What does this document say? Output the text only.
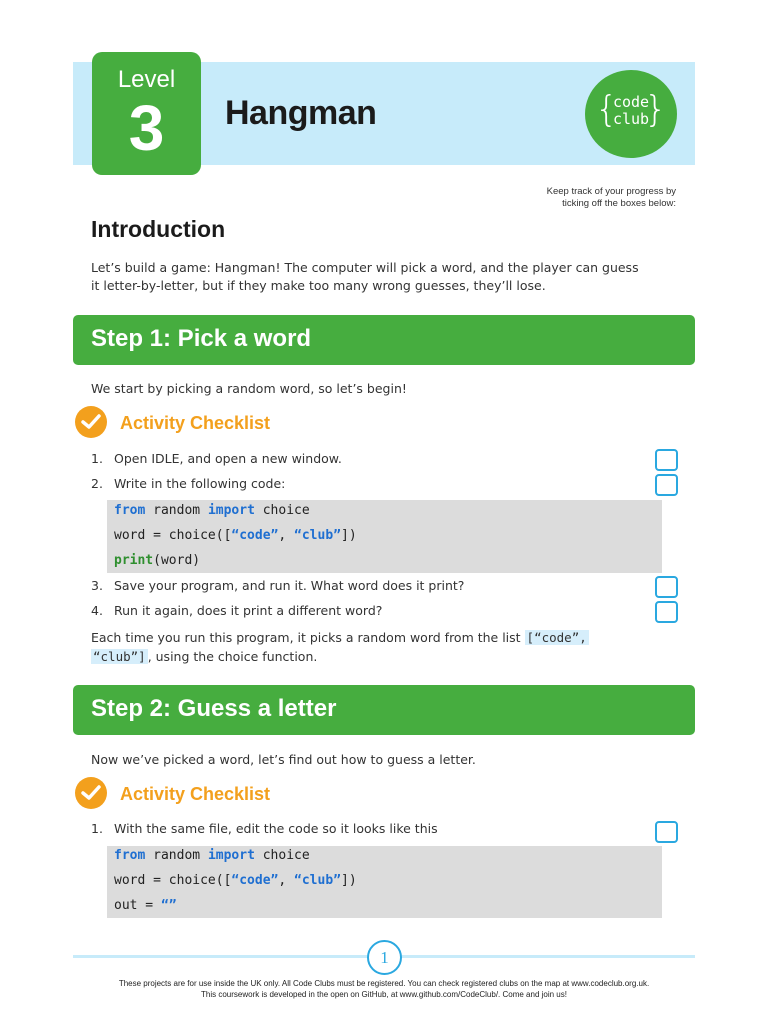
Level
3	Hangman	{ }
code
club
Keep track of your progress by
ticking off the boxes below:
Introduction
Let’s build a game: Hangman! The computer will pick a word, and the player can guess
it letter-by-letter, but if they make too many wrong guesses, they’ll lose.
Step 1: Pick a word
We start by picking a random word, so let’s begin!
Activity Checklist
1. Open IDLE, and open a new window.
2. Write in the following code:
from random import choice
word = choice([“code”, “club”])
print(word)
3. Save your program, and run it. What word does it print?
4. Run it again, does it print a different word?
Each time you run this program, it picks a random word from the list [“code”,
“club”] , using the choice function.
Step 2: Guess a letter
Now we’ve picked a word, let’s find out how to guess a letter.
Activity Checklist
1. With the same file, edit the code so it looks like this
from random import choice
word = choice([“code”, “club”])
out = “”
1
These projects are for use inside the UK only. All Code Clubs must be registered. You can check registered clubs on the map at www.codeclub.org.uk.
This coursework is developed in the open on GitHub, at www.github.com/CodeClub/. Come and join us!
